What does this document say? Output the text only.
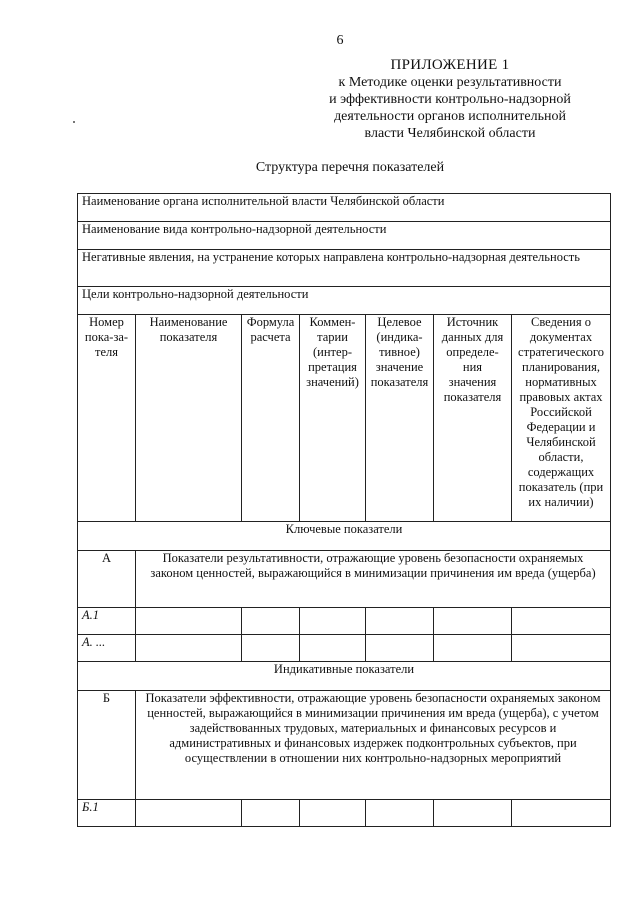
6
ПРИЛОЖЕНИЕ 1
к Методике оценки результативности
и эффективности контрольно-надзорной
деятельности органов исполнительной
власти Челябинской области
Структура перечня показателей
Наименование органа исполнительной власти Челябинской области						
Наименование вида контрольно-надзорной деятельности						
Негативные явления, на устранение которых направлена контрольно-надзорная деятельность						
Цели контрольно-надзорной деятельности						
Номер пока-за-теля	Наименование показателя	Формула расчета	Коммен-тарии (интер-претация значений)	Целевое (индика-тивное) значение показателя	Источник данных для определе-ния значения показателя	Сведения о документах стратегического планирования, нормативных правовых актах Российской Федерации и Челябинской области, содержащих показатель (при их наличии)
Ключевые показатели						
А	Показатели результативности, отражающие уровень безопасности охраняемых законом ценностей, выражающийся в минимизации причинения им вреда (ущерба)					
А.1						
А. ...						
Индикативные показатели						
Б	Показатели эффективности, отражающие уровень безопасности охраняемых законом ценностей, выражающийся в минимизации причинения им вреда (ущерба), с учетом задействованных трудовых, материальных и финансовых ресурсов и административных и финансовых издержек подконтрольных субъектов, при осуществлении в отношении них контрольно-надзорных мероприятий					
Б.1						
